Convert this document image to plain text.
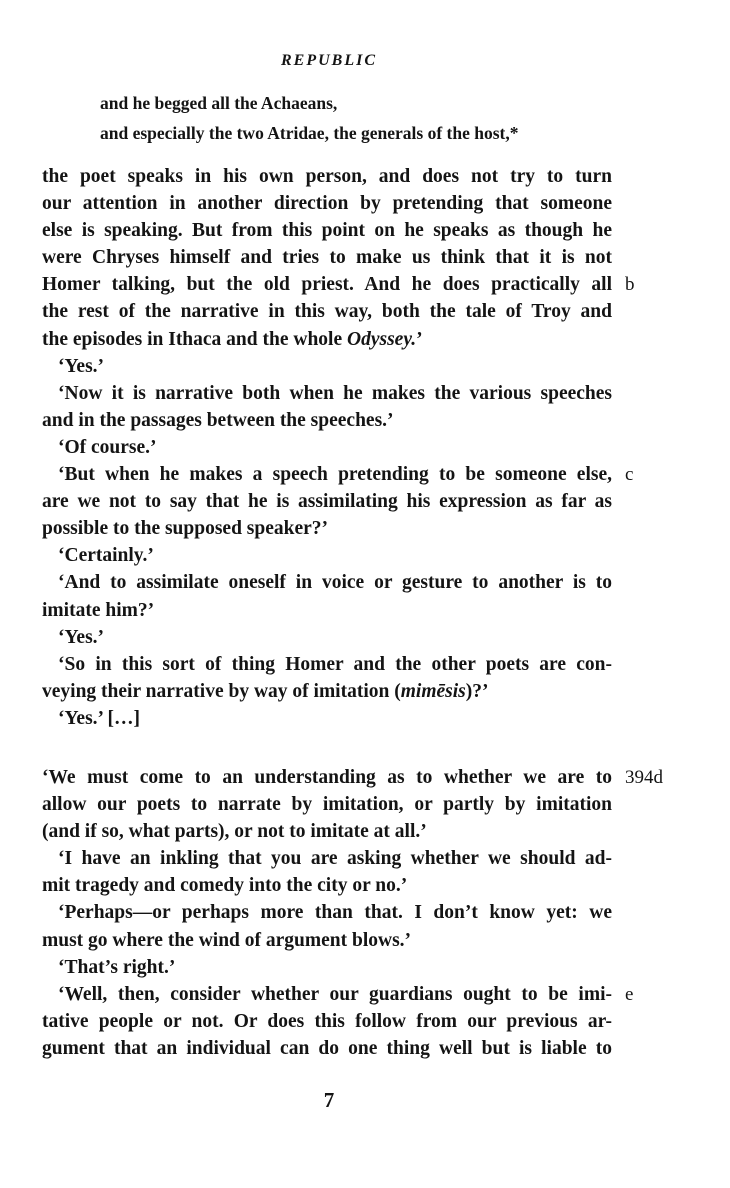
REPUBLIC
and he begged all the Achaeans,
and especially the two Atridae, the generals of the host,*
the poet speaks in his own person, and does not try to turn
our attention in another direction by pretending that someone
else is speaking. But from this point on he speaks as though he
were Chryses himself and tries to make us think that it is not
Homer talking, but the old priest. And he does practically all b
the rest of the narrative in this way, both the tale of Troy and
the episodes in Ithaca and the whole Odyssey.’
‘Yes.’
‘Now it is narrative both when he makes the various speeches
and in the passages between the speeches.’
‘Of course.’
‘But when he makes a speech pretending to be someone else, c
are we not to say that he is assimilating his expression as far as
possible to the supposed speaker?’
‘Certainly.’
‘And to assimilate oneself in voice or gesture to another is to
imitate him?’
‘Yes.’
‘So in this sort of thing Homer and the other poets are con-
veying their narrative by way of imitation (mimēsis)?’
‘Yes.’ […]
‘We must come to an understanding as to whether we are to 394d
allow our poets to narrate by imitation, or partly by imitation
(and if so, what parts), or not to imitate at all.’
‘I have an inkling that you are asking whether we should ad-
mit tragedy and comedy into the city or no.’
‘Perhaps—or perhaps more than that. I don’t know yet: we
must go where the wind of argument blows.’
‘That’s right.’
‘Well, then, consider whether our guardians ought to be imi- e
tative people or not. Or does this follow from our previous ar-
gument that an individual can do one thing well but is liable to
7
